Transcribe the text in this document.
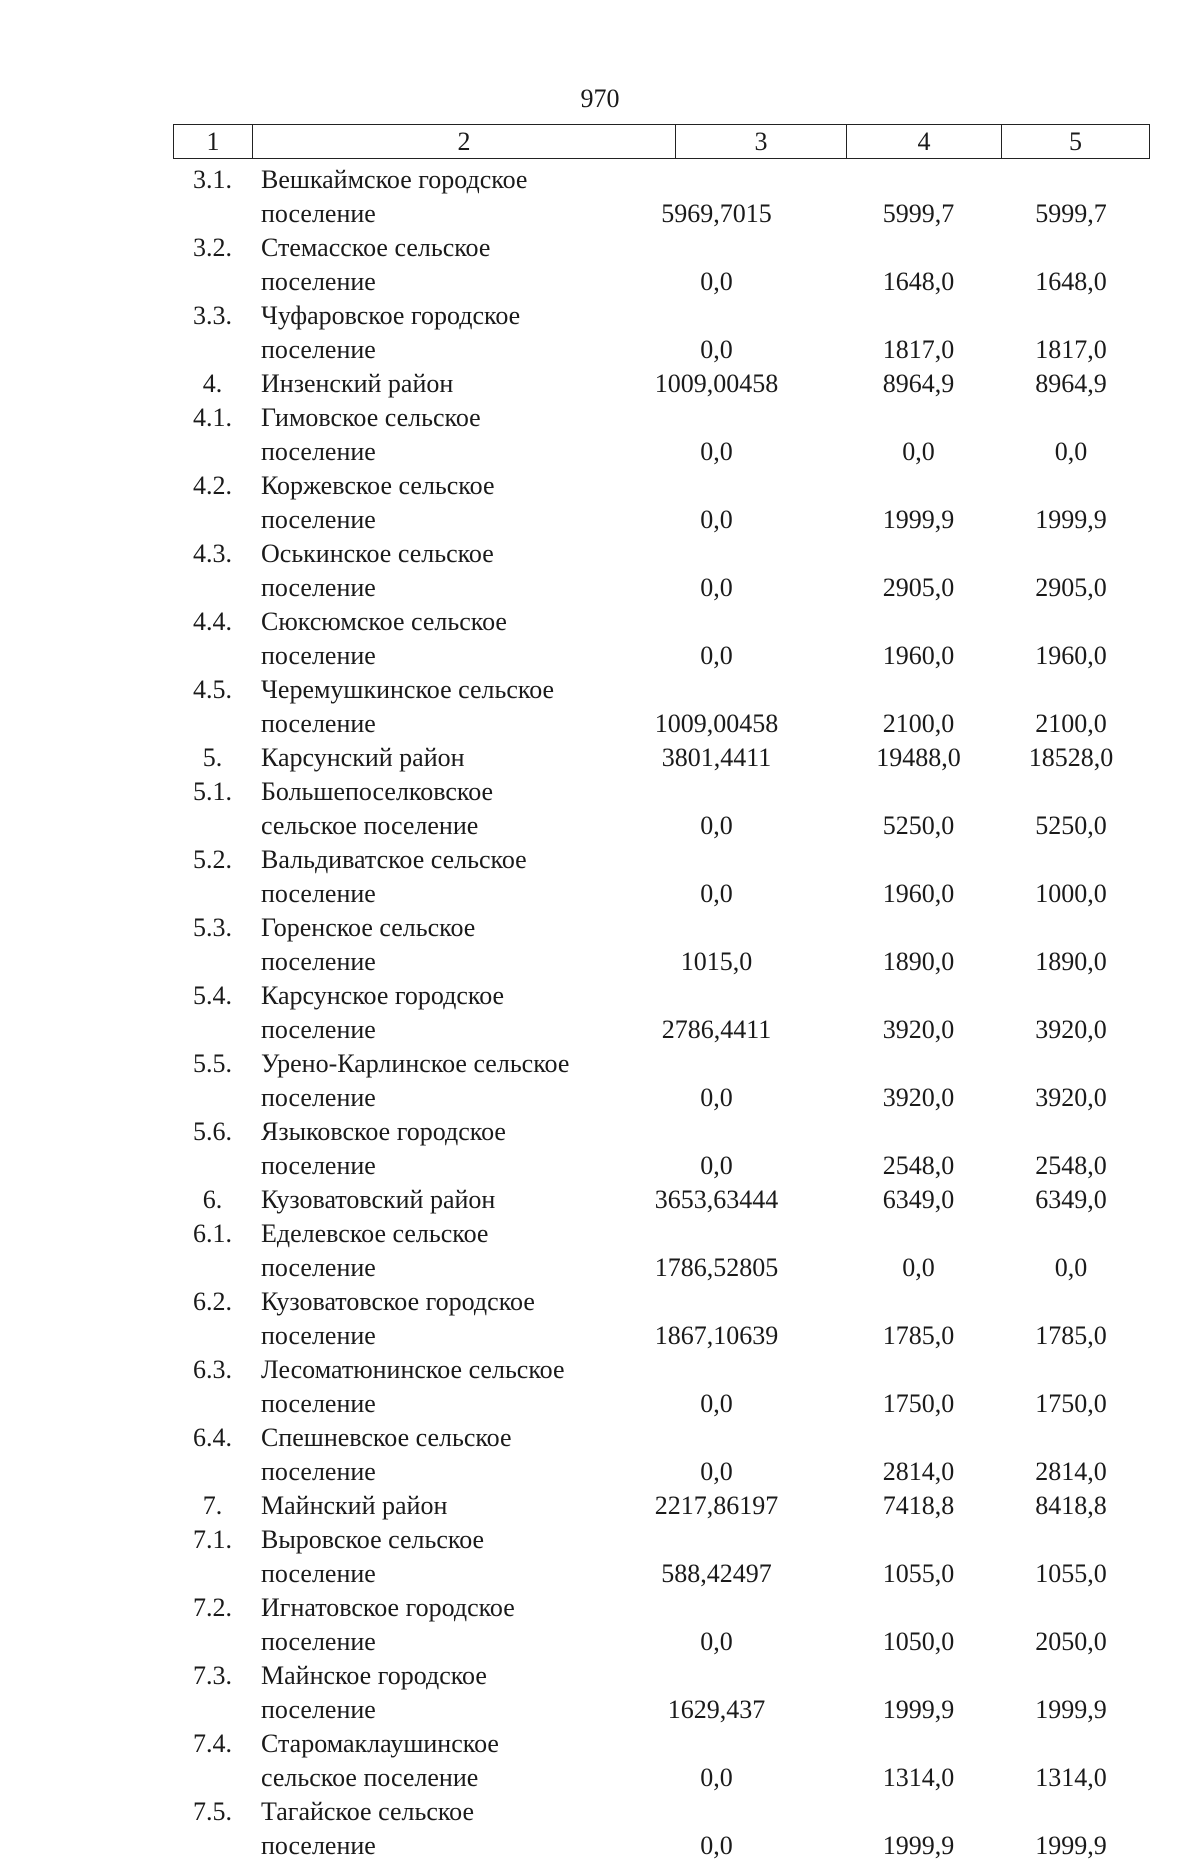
970
1	2	3	4	5
3.1.	Вешкаймское городское поселение	5969,7015	5999,7	5999,7
3.2.	Стемасское сельское поселение	0,0	1648,0	1648,0
3.3.	Чуфаровское городское поселение	0,0	1817,0	1817,0
4.	Инзенский район	1009,00458	8964,9	8964,9
4.1.	Гимовское сельское поселение	0,0	0,0	0,0
4.2.	Коржевское сельское поселение	0,0	1999,9	1999,9
4.3.	Оськинское сельское поселение	0,0	2905,0	2905,0
4.4.	Сюксюмское сельское поселение	0,0	1960,0	1960,0
4.5.	Черемушкинское сельское поселение	1009,00458	2100,0	2100,0
5.	Карсунский район	3801,4411	19488,0	18528,0
5.1.	Большепоселковское сельское поселение	0,0	5250,0	5250,0
5.2.	Вальдиватское сельское поселение	0,0	1960,0	1000,0
5.3.	Горенское сельское поселение	1015,0	1890,0	1890,0
5.4.	Карсунское городское поселение	2786,4411	3920,0	3920,0
5.5.	Урено-Карлинское сельское поселение	0,0	3920,0	3920,0
5.6.	Языковское городское поселение	0,0	2548,0	2548,0
6.	Кузоватовский район	3653,63444	6349,0	6349,0
6.1.	Еделевское сельское поселение	1786,52805	0,0	0,0
6.2.	Кузоватовское городское поселение	1867,10639	1785,0	1785,0
6.3.	Лесоматюнинское сельское поселение	0,0	1750,0	1750,0
6.4.	Спешневское сельское поселение	0,0	2814,0	2814,0
7.	Майнский район	2217,86197	7418,8	8418,8
7.1.	Выровское сельское поселение	588,42497	1055,0	1055,0
7.2.	Игнатовское городское поселение	0,0	1050,0	2050,0
7.3.	Майнское городское поселение	1629,437	1999,9	1999,9
7.4.	Старомаклаушинское сельское поселение	0,0	1314,0	1314,0
7.5.	Тагайское сельское поселение	0,0	1999,9	1999,9
